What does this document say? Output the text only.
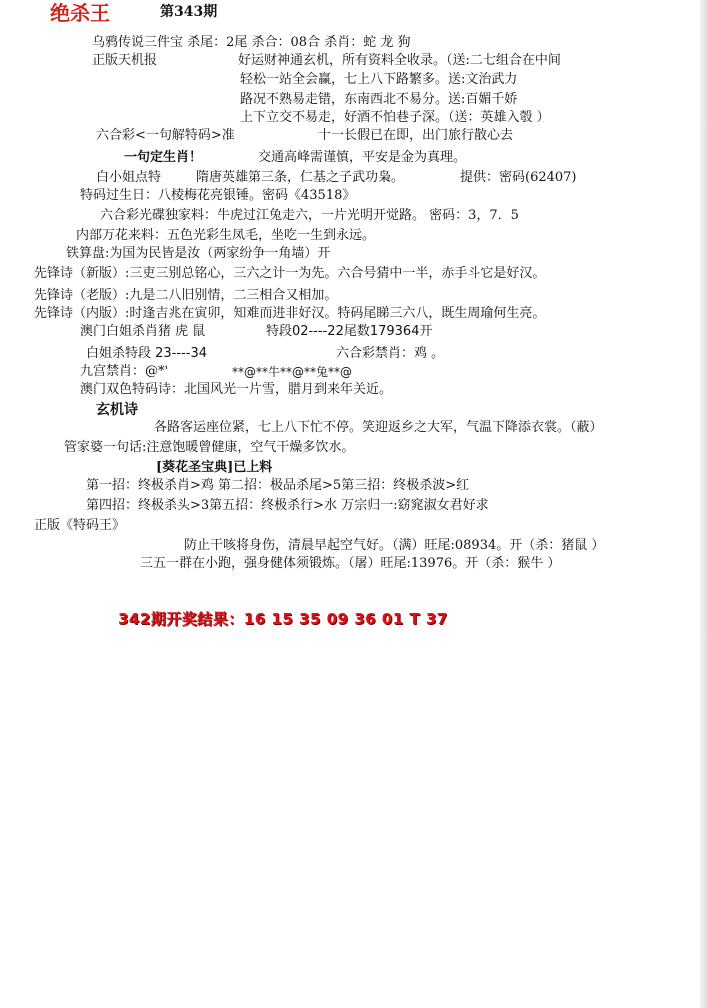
绝杀王	第343期
乌鸦传说三件宝 杀尾：2尾 杀合：08合 杀肖：蛇 龙 狗
正版天机报	好运财神通玄机，所有资料全收录。（送:二七组合在中间
轻松一站全会赢，七上八下路繁多。送:文治武力
路况不熟易走错，东南西北不易分。送:百媚千娇
上下立交不易走，好酒不怕巷子深。（送：英雄入彀 ）
六合彩<一句解特码>准	十一长假已在即，出门旅行散心去
一句定生肖！	交通高峰需谨慎，平安是金为真理。
白小姐点特	隋唐英雄第三条，仁基之子武功枭。	提供：密码(62407)
特码过生日：八棱梅花亮银锤。密码《43518》
六合彩光碟独家料：牛虎过江兔走六，一片光明开觉路。 密码：3，7．5
内部万花来料：五色光彩生凤毛，坐吃一生到永远。
铁算盘:为国为民皆是汝（两家纷争一角墙）开
先锋诗（新版）:三吏三别总铭心，三六之计一为先。六合号猜中一半，赤手斗它是好汉。
先锋诗（老版）:九是二八旧别情，二三相合又相加。
先锋诗（内版）:时逢吉兆在寅卯，知难而进非好汉。特码尾睇三六八，既生周瑜何生亮。
澳门白姐杀肖猪 虎 鼠	特段02----22尾数179364开
白姐杀特段 23----34	六合彩禁肖：鸡 。
九宫禁肖：@*'	**@**牛**@**兔**@
澳门双色特码诗：北国风光一片雪，腊月到来年关近。
玄机诗
各路客运座位紧，七上八下忙不停。笑迎返乡之大军，气温下降添衣裳。（蔽）
管家婆一句话:注意饱暖曾健康，空气干燥多饮水。
[葵花圣宝典]已上料
第一招：终极杀肖>鸡 第二招：极品杀尾>5第三招：终极杀波>红
第四招：终极杀头>3第五招：终极杀行>水 万宗归一:窈窕淑女君好求
正版《特码王》
防止干咳将身伤，清晨早起空气好。（满）旺尾:08934。开（杀：猪鼠 ）
三五一群在小跑，强身健体须锻炼。（屠）旺尾:13976。开（杀：猴牛 ）
342期开奖结果：16 15 35 09 36 01 T 37
